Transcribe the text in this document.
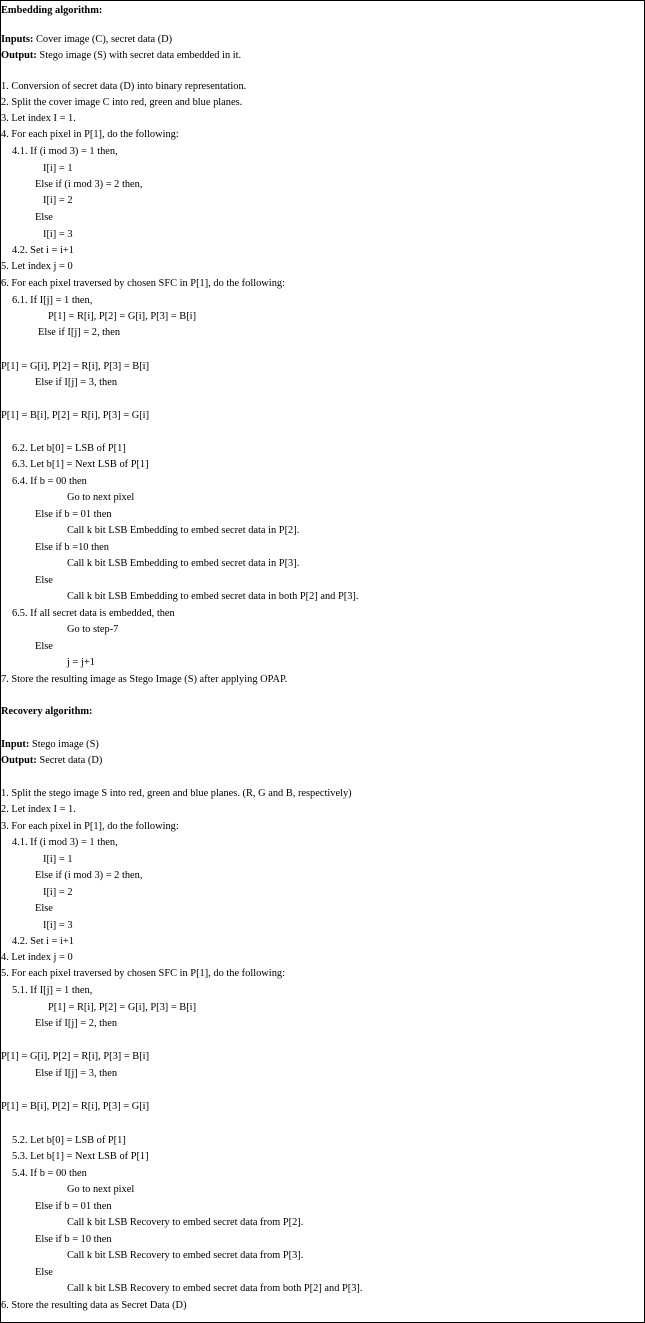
Embedding algorithm:
Inputs: Cover image (C), secret data (D)
Output: Stego image (S) with secret data embedded in it.
1. Conversion of secret data (D) into binary representation.
2. Split the cover image C into red, green and blue planes.
3. Let index I = 1.
4. For each pixel in P[1], do the following:
4.1. If (i mod 3) = 1 then,
I[i] = 1
Else if (i mod 3) = 2 then,
I[i] = 2
Else
I[i] = 3
4.2. Set i = i+1
5. Let index j = 0
6. For each pixel traversed by chosen SFC in P[1], do the following:
6.1. If I[j] = 1 then,
P[1] = R[i], P[2] = G[i], P[3] = B[i]
Else if I[j] = 2, then
P[1] = G[i], P[2] = R[i], P[3] = B[i]
Else if I[j] = 3, then
P[1] = B[i], P[2] = R[i], P[3] = G[i]
6.2. Let b[0] = LSB of P[1]
6.3. Let b[1] = Next LSB of P[1]
6.4. If b = 00 then
Go to next pixel
Else if b = 01 then
Call k bit LSB Embedding to embed secret data in P[2].
Else if b =10 then
Call k bit LSB Embedding to embed secret data in P[3].
Else
Call k bit LSB Embedding to embed secret data in both P[2] and P[3].
6.5. If all secret data is embedded, then
Go to step-7
Else
j = j+1
7. Store the resulting image as Stego Image (S) after applying OPAP.
Recovery algorithm:
Input: Stego image (S)
Output: Secret data (D)
1. Split the stego image S into red, green and blue planes. (R, G and B, respectively)
2. Let index I = 1.
3. For each pixel in P[1], do the following:
4.1. If (i mod 3) = 1 then,
I[i] = 1
Else if (i mod 3) = 2 then,
I[i] = 2
Else
I[i] = 3
4.2. Set i = i+1
4. Let index j = 0
5. For each pixel traversed by chosen SFC in P[1], do the following:
5.1. If I[j] = 1 then,
P[1] = R[i], P[2] = G[i], P[3] = B[i]
Else if I[j] = 2, then
P[1] = G[i], P[2] = R[i], P[3] = B[i]
Else if I[j] = 3, then
P[1] = B[i], P[2] = R[i], P[3] = G[i]
5.2. Let b[0] = LSB of P[1]
5.3. Let b[1] = Next LSB of P[1]
5.4. If b = 00 then
Go to next pixel
Else if b = 01 then
Call k bit LSB Recovery to embed secret data from P[2].
Else if b = 10 then
Call k bit LSB Recovery to embed secret data from P[3].
Else
Call k bit LSB Recovery to embed secret data from both P[2] and P[3].
6. Store the resulting data as Secret Data (D)
